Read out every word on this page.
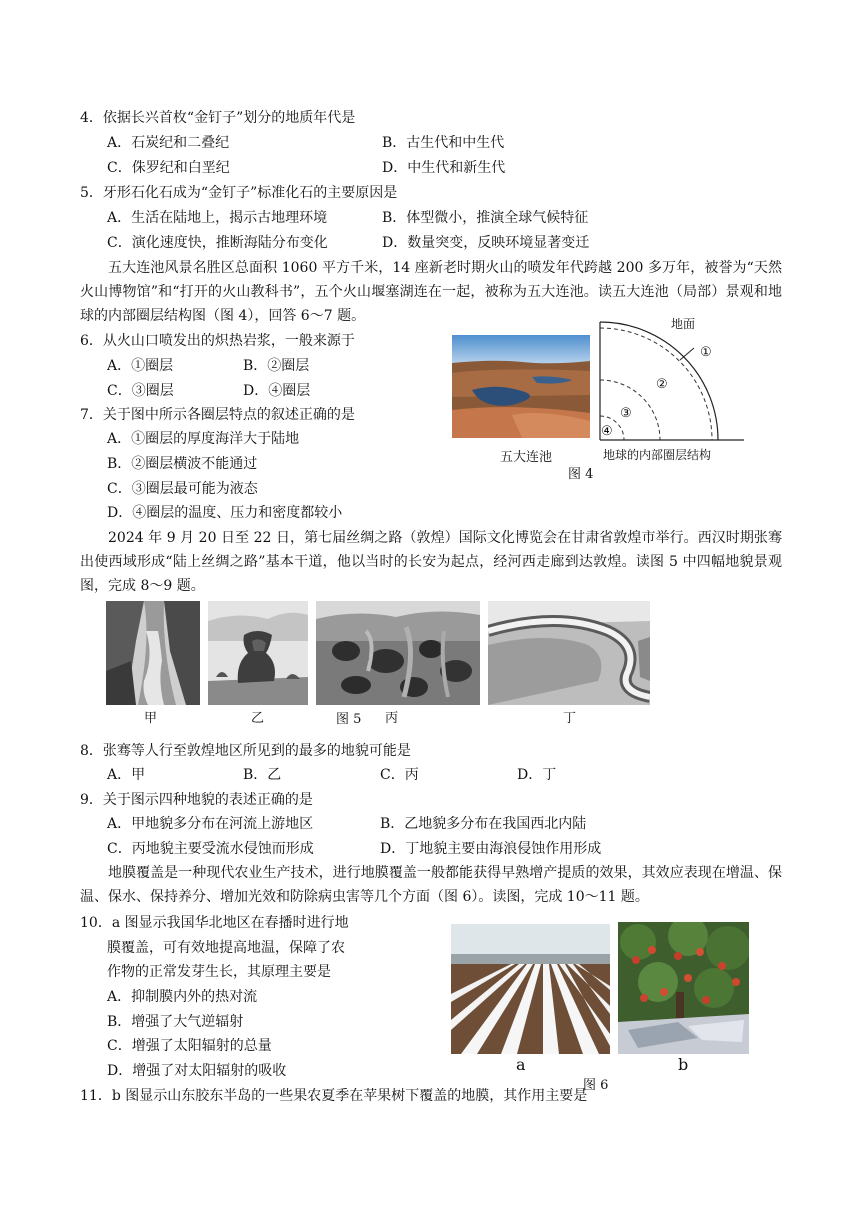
4．依据长兴首枚“金钉子”划分的地质年代是
A．石炭纪和二叠纪	B．古生代和中生代
C．侏罗纪和白垩纪	D．中生代和新生代
5．牙形石化石成为“金钉子”标准化石的主要原因是
A．生活在陆地上，揭示古地理环境	B．体型微小，推演全球气候特征
C．演化速度快，推断海陆分布变化	D．数量突变，反映环境显著变迁
五大连池风景名胜区总面积 1060 平方千米，14 座新老时期火山的喷发年代跨越 200 多万年，被誉为“天然火山博物馆”和“打开的火山教科书”，五个火山堰塞湖连在一起，被称为五大连池。读五大连池（局部）景观和地球的内部圈层结构图（图 4），回答 6～7 题。
6．从火山口喷发出的炽热岩浆，一般来源于
A．①圈层	B．②圈层
C．③圈层	D．④圈层
7．关于图中所示各圈层特点的叙述正确的是
A．①圈层的厚度海洋大于陆地
B．②圈层横波不能通过
C．③圈层最可能为液态
D．④圈层的温度、压力和密度都较小
五大连池
地面
①
②
③
④
地球的内部圈层结构
图 4
2024 年 9 月 20 日至 22 日，第七届丝绸之路（敦煌）国际文化博览会在甘肃省敦煌市举行。西汉时期张骞出使西域形成“陆上丝绸之路”基本干道，他以当时的长安为起点，经河西走廊到达敦煌。读图 5 中四幅地貌景观图，完成 8～9 题。
甲	乙	图 5 丙	丁
8．张骞等人行至敦煌地区所见到的最多的地貌可能是
A．甲	B．乙	C．丙	D．丁
9．关于图示四种地貌的表述正确的是
A．甲地貌多分布在河流上游地区	B．乙地貌多分布在我国西北内陆
C．丙地貌主要受流水侵蚀而形成	D．丁地貌主要由海浪侵蚀作用形成
地膜覆盖是一种现代农业生产技术，进行地膜覆盖一般都能获得早熟增产提质的效果，其效应表现在增温、保温、保水、保持养分、增加光效和防除病虫害等几个方面（图 6）。读图，完成 10～11 题。
10．a 图显示我国华北地区在春播时进行地
膜覆盖，可有效地提高地温，保障了农
作物的正常发芽生长，其原理主要是
A．抑制膜内外的热对流
B．增强了大气逆辐射
C．增强了太阳辐射的总量
D．增强了对太阳辐射的吸收	a	b
图 6
11．b 图显示山东胶东半岛的一些果农夏季在苹果树下覆盖的地膜，其作用主要是
